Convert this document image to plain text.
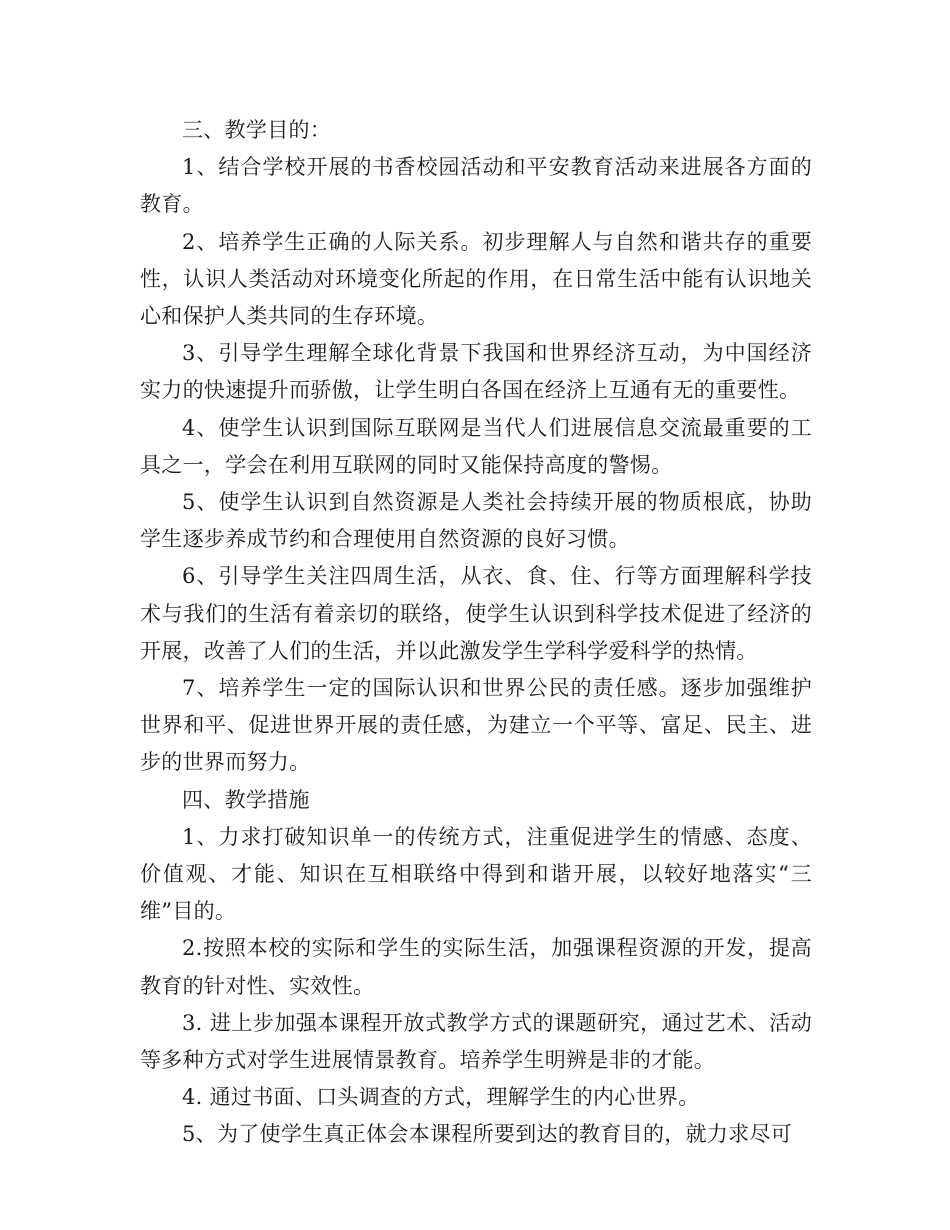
三、教学目的：

1、结合学校开展的书香校园活动和平安教育活动来进展各方面的教育。

2、培养学生正确的人际关系。初步理解人与自然和谐共存的重要性，认识人类活动对环境变化所起的作用，在日常生活中能有认识地关心和保护人类共同的生存环境。

3、引导学生理解全球化背景下我国和世界经济互动，为中国经济实力的快速提升而骄傲，让学生明白各国在经济上互通有无的重要性。

4、使学生认识到国际互联网是当代人们进展信息交流最重要的工具之一，学会在利用互联网的同时又能保持高度的警惕。

5、使学生认识到自然资源是人类社会持续开展的物质根底，协助学生逐步养成节约和合理使用自然资源的良好习惯。

6、引导学生关注四周生活，从衣、食、住、行等方面理解科学技术与我们的生活有着亲切的联络，使学生认识到科学技术促进了经济的开展，改善了人们的生活，并以此激发学生学科学爱科学的热情。

7、培养学生一定的国际认识和世界公民的责任感。逐步加强维护世界和平、促进世界开展的责任感，为建立一个平等、富足、民主、进步的世界而努力。

四、教学措施

1、力求打破知识单一的传统方式，注重促进学生的情感、态度、价值观、才能、知识在互相联络中得到和谐开展，以较好地落实“三维”目的。

2.按照本校的实际和学生的实际生活，加强课程资源的开发，提高教育的针对性、实效性。

3. 进上步加强本课程开放式教学方式的课题研究，通过艺术、活动等多种方式对学生进展情景教育。培养学生明辨是非的才能。

4. 通过书面、口头调查的方式，理解学生的内心世界。

5、为了使学生真正体会本课程所要到达的教育目的，就力求尽可
